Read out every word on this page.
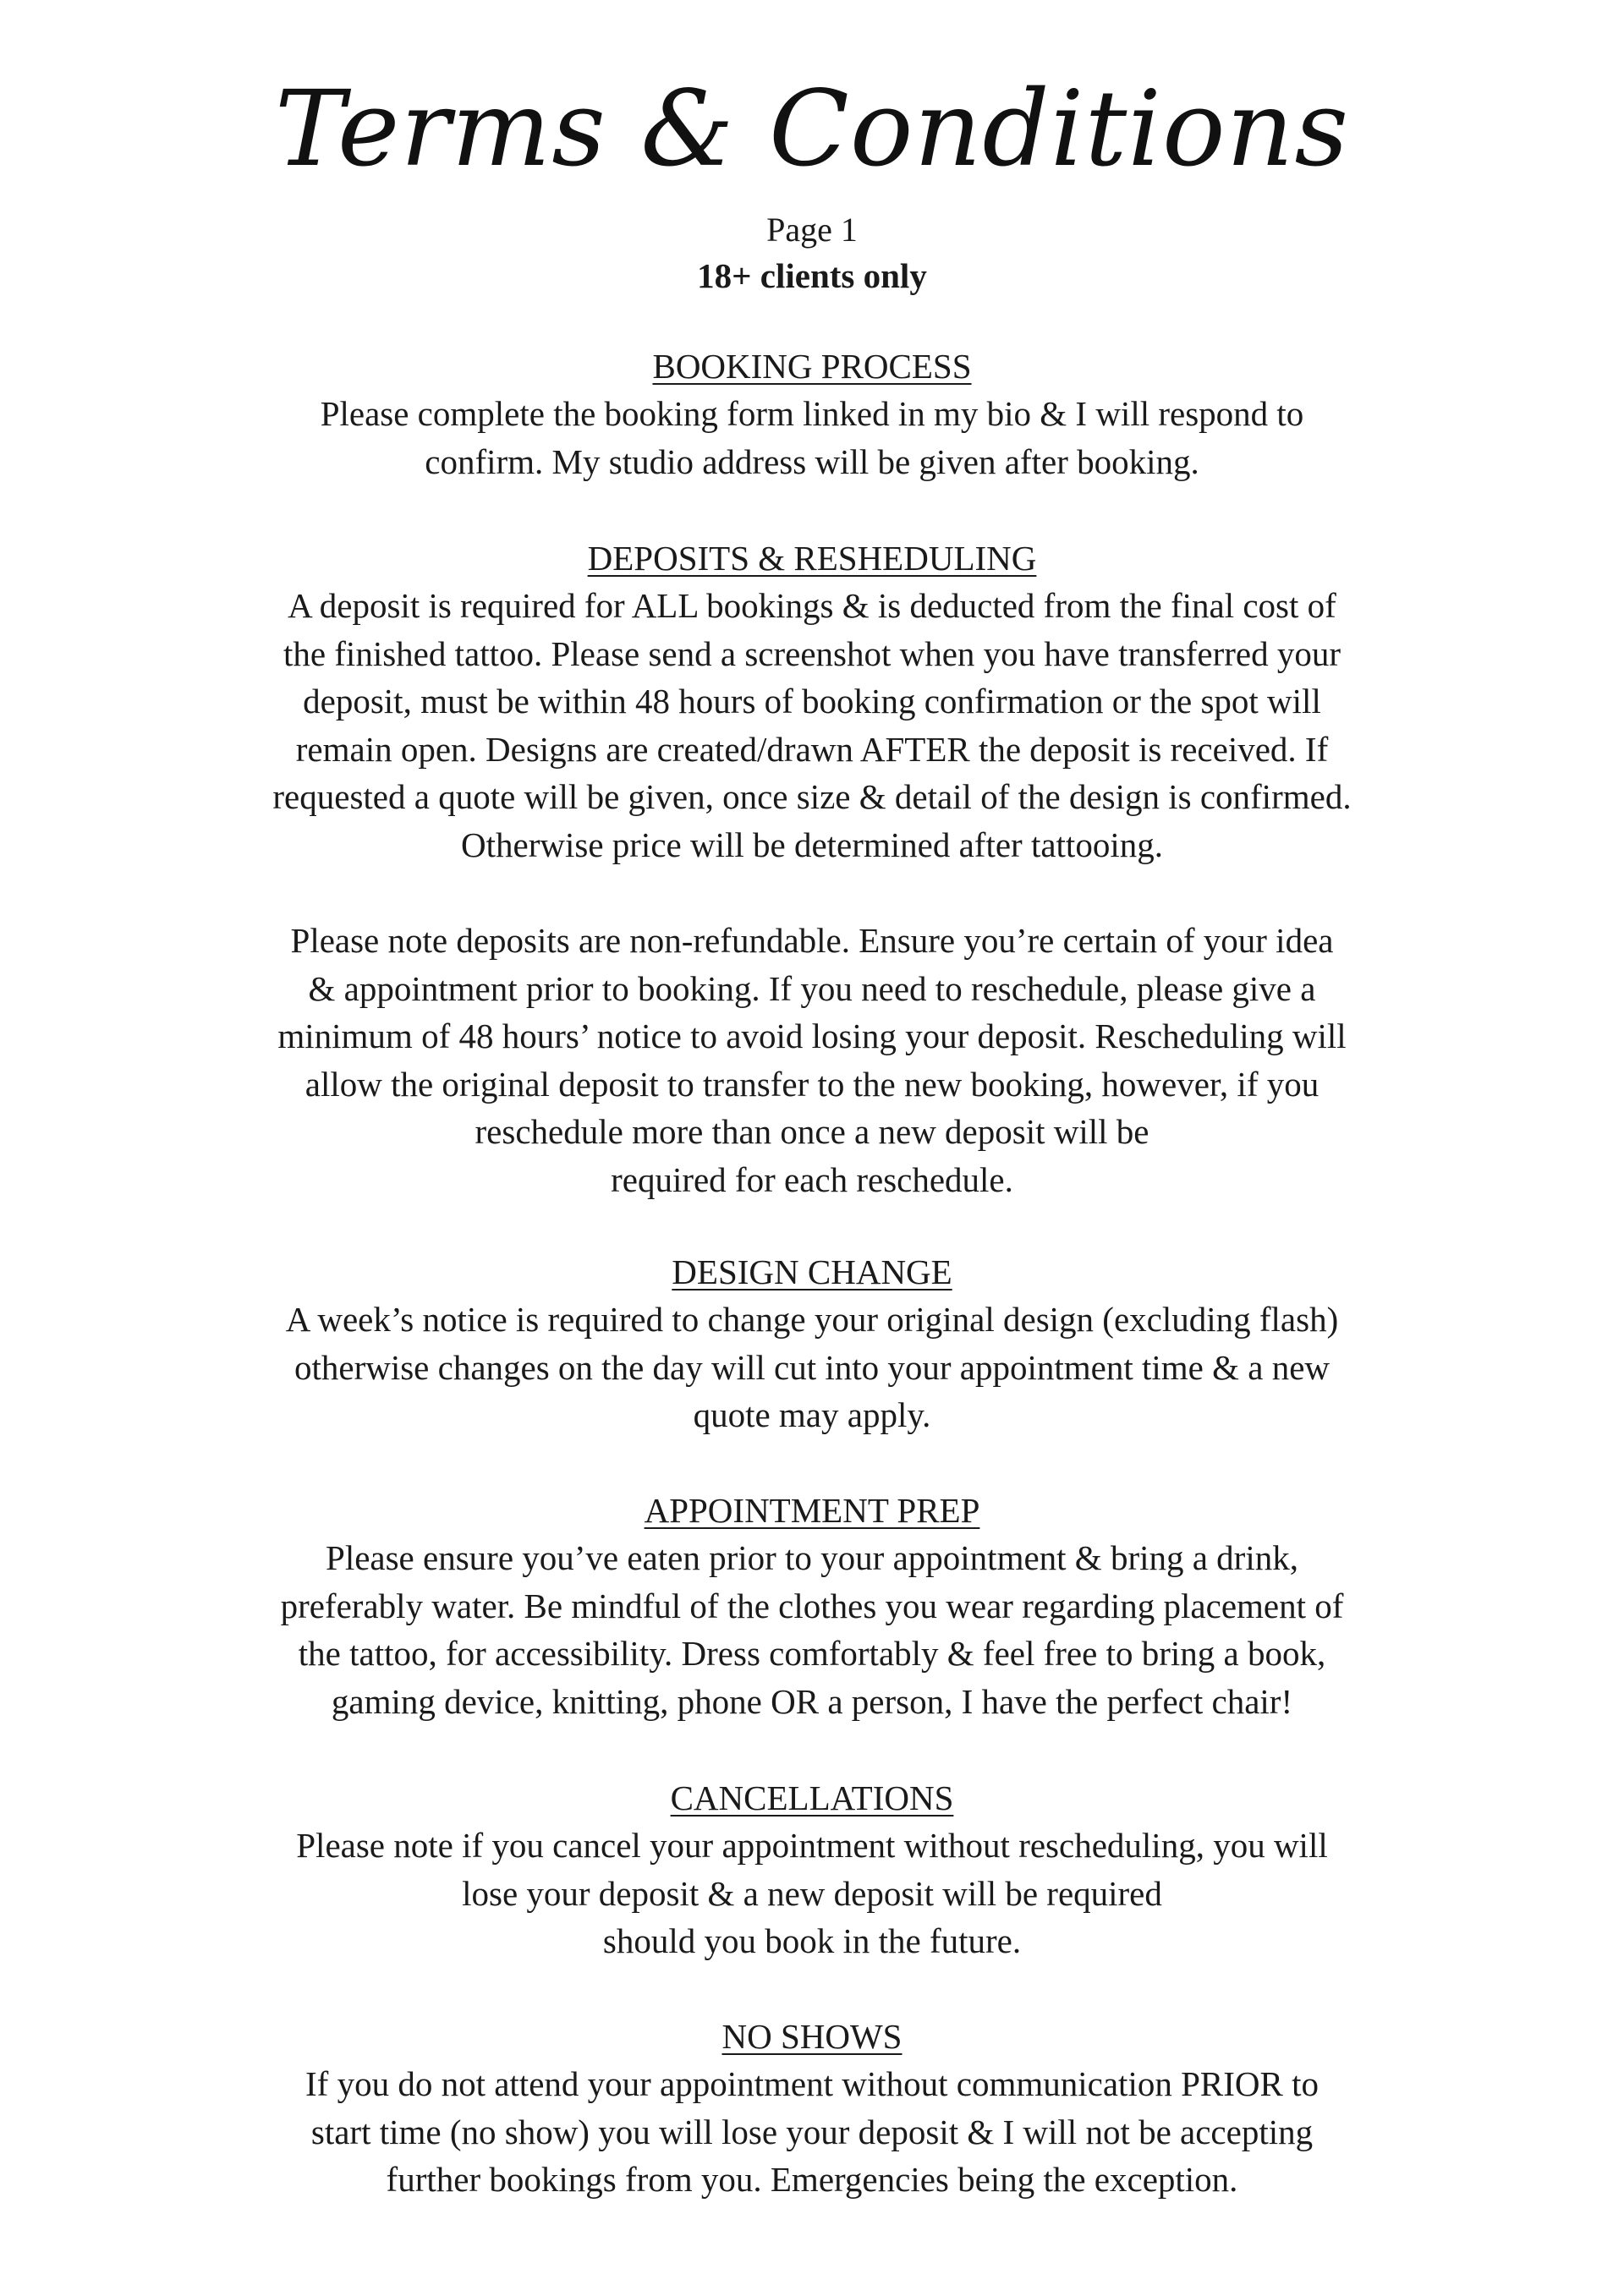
Terms & Conditions
Page 1
18+ clients only
BOOKING PROCESS
Please complete the booking form linked in my bio & I will respond to
confirm. My studio address will be given after booking.
DEPOSITS & RESHEDULING
A deposit is required for ALL bookings & is deducted from the final cost of
the finished tattoo. Please send a screenshot when you have transferred your
deposit, must be within 48 hours of booking confirmation or the spot will
remain open. Designs are created/drawn AFTER the deposit is received. If
requested a quote will be given, once size & detail of the design is confirmed.
Otherwise price will be determined after tattooing.
Please note deposits are non-refundable. Ensure you’re certain of your idea
& appointment prior to booking. If you need to reschedule, please give a
minimum of 48 hours’ notice to avoid losing your deposit. Rescheduling will
allow the original deposit to transfer to the new booking, however, if you
reschedule more than once a new deposit will be
required for each reschedule.
DESIGN CHANGE
A week’s notice is required to change your original design (excluding flash)
otherwise changes on the day will cut into your appointment time & a new
quote may apply.
APPOINTMENT PREP
Please ensure you’ve eaten prior to your appointment & bring a drink,
preferably water. Be mindful of the clothes you wear regarding placement of
the tattoo, for accessibility. Dress comfortably & feel free to bring a book,
gaming device, knitting, phone OR a person, I have the perfect chair!
CANCELLATIONS
Please note if you cancel your appointment without rescheduling, you will
lose your deposit & a new deposit will be required
should you book in the future.
NO SHOWS
If you do not attend your appointment without communication PRIOR to
start time (no show) you will lose your deposit & I will not be accepting
further bookings from you. Emergencies being the exception.
